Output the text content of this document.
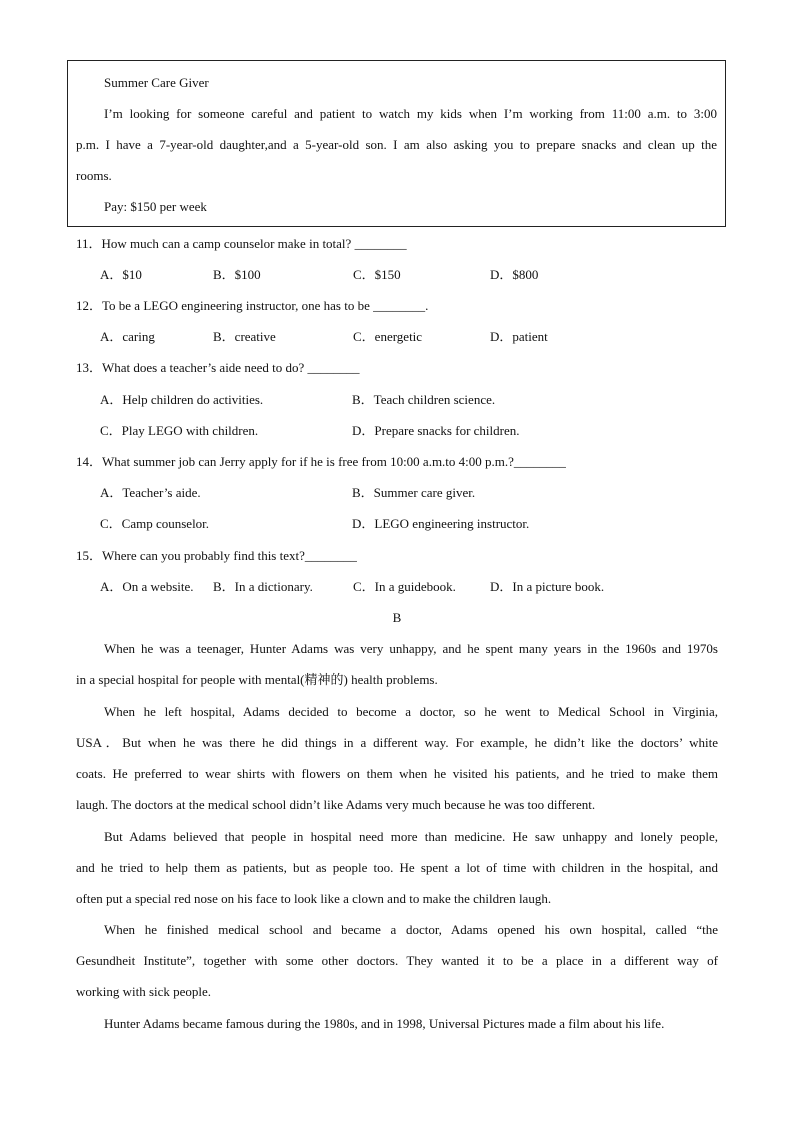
Summer Care Giver
I’m looking for someone careful and patient to watch my kids when I’m working from 11:00 a.m. to 3:00
p.m. I have a 7-year-old daughter,and a 5-year-old son. I am also asking you to prepare snacks and clean up the
rooms.
Pay: $150 per week
11．How much can a camp counselor make in total? ________
A．$10	B．$100	C．$150	D．$800
12．To be a LEGO engineering instructor, one has to be ________.
A．caring	B．creative	C．energetic	D．patient
13．What does a teacher’s aide need to do? ________
A．Help children do activities.	B．Teach children science.
C．Play LEGO with children.	D．Prepare snacks for children.
14．What summer job can Jerry apply for if he is free from 10:00 a.m.to 4:00 p.m.?________
A．Teacher’s aide.	B．Summer care giver.
C．Camp counselor.	D．LEGO engineering instructor.
15．Where can you probably find this text?________
A．On a website. B．In a dictionary.	C．In a guidebook.	D．In a picture book.
B
When he was a teenager, Hunter Adams was very unhappy, and he spent many years in the 1960s and 1970s
in a special hospital for people with mental(精神的) health problems.
When he left hospital, Adams decided to become a doctor, so he went to Medical School in Virginia,
USA．But when he was there he did things in a different way. For example, he didn’t like the doctors’ white
coats. He preferred to wear shirts with flowers on them when he visited his patients, and he tried to make them
laugh. The doctors at the medical school didn’t like Adams very much because he was too different.
But Adams believed that people in hospital need more than medicine. He saw unhappy and lonely people,
and he tried to help them as patients, but as people too. He spent a lot of time with children in the hospital, and
often put a special red nose on his face to look like a clown and to make the children laugh.
When he finished medical school and became a doctor, Adams opened his own hospital, called “the
Gesundheit Institute”, together with some other doctors. They wanted it to be a place in a different way of
working with sick people.
Hunter Adams became famous during the 1980s, and in 1998, Universal Pictures made a film about his life.
